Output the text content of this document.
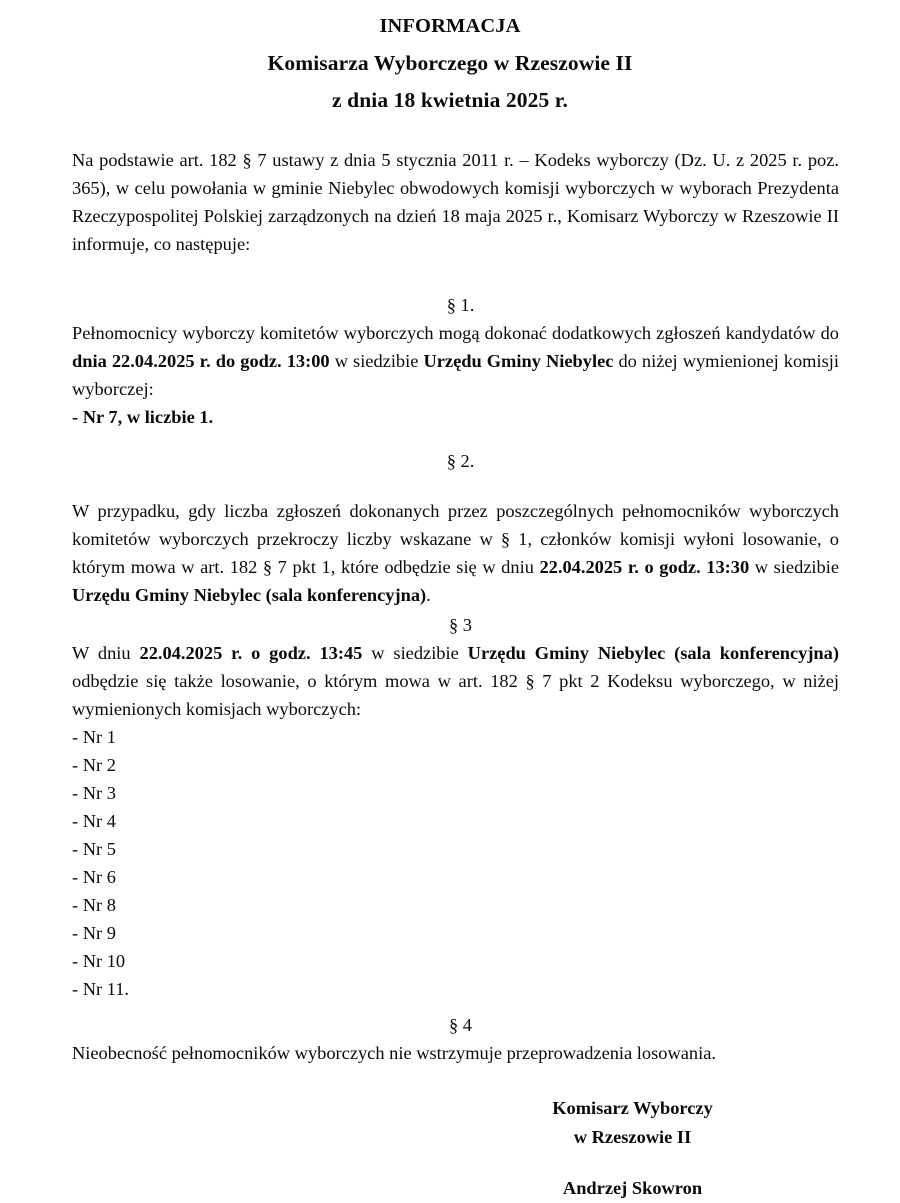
INFORMACJA
Komisarza Wyborczego w Rzeszowie II
z dnia 18 kwietnia 2025 r.

Na podstawie art. 182 § 7 ustawy z dnia 5 stycznia 2011 r. – Kodeks wyborczy (Dz. U. z 2025 r. poz. 365), w celu powołania w gminie Niebylec obwodowych komisji wyborczych w wyborach Prezydenta Rzeczypospolitej Polskiej zarządzonych na dzień 18 maja 2025 r., Komisarz Wyborczy w Rzeszowie II informuje, co następuje:

§ 1.

Pełnomocnicy wyborczy komitetów wyborczych mogą dokonać dodatkowych zgłoszeń kandydatów do dnia 22.04.2025 r. do godz. 13:00 w siedzibie Urzędu Gminy Niebylec do niżej wymienionej komisji wyborczej:

- Nr 7, w liczbie 1.

§ 2.

W przypadku, gdy liczba zgłoszeń dokonanych przez poszczególnych pełnomocników wyborczych komitetów wyborczych przekroczy liczby wskazane w § 1, członków komisji wyłoni losowanie, o którym mowa w art. 182 § 7 pkt 1, które odbędzie się w dniu 22.04.2025 r. o godz. 13:30 w siedzibie Urzędu Gminy Niebylec (sala konferencyjna).

§ 3

W dniu 22.04.2025 r. o godz. 13:45 w siedzibie Urzędu Gminy Niebylec (sala konferencyjna) odbędzie się także losowanie, o którym mowa w art. 182 § 7 pkt 2 Kodeksu wyborczego, w niżej wymienionych komisjach wyborczych:

- Nr 1

- Nr 2

- Nr 3

- Nr 4

- Nr 5

- Nr 6

- Nr 8

- Nr 9

- Nr 10

- Nr 11.

§ 4

Nieobecność pełnomocników wyborczych nie wstrzymuje przeprowadzenia losowania.

Komisarz Wyborczy

w Rzeszowie II

Andrzej Skowron
